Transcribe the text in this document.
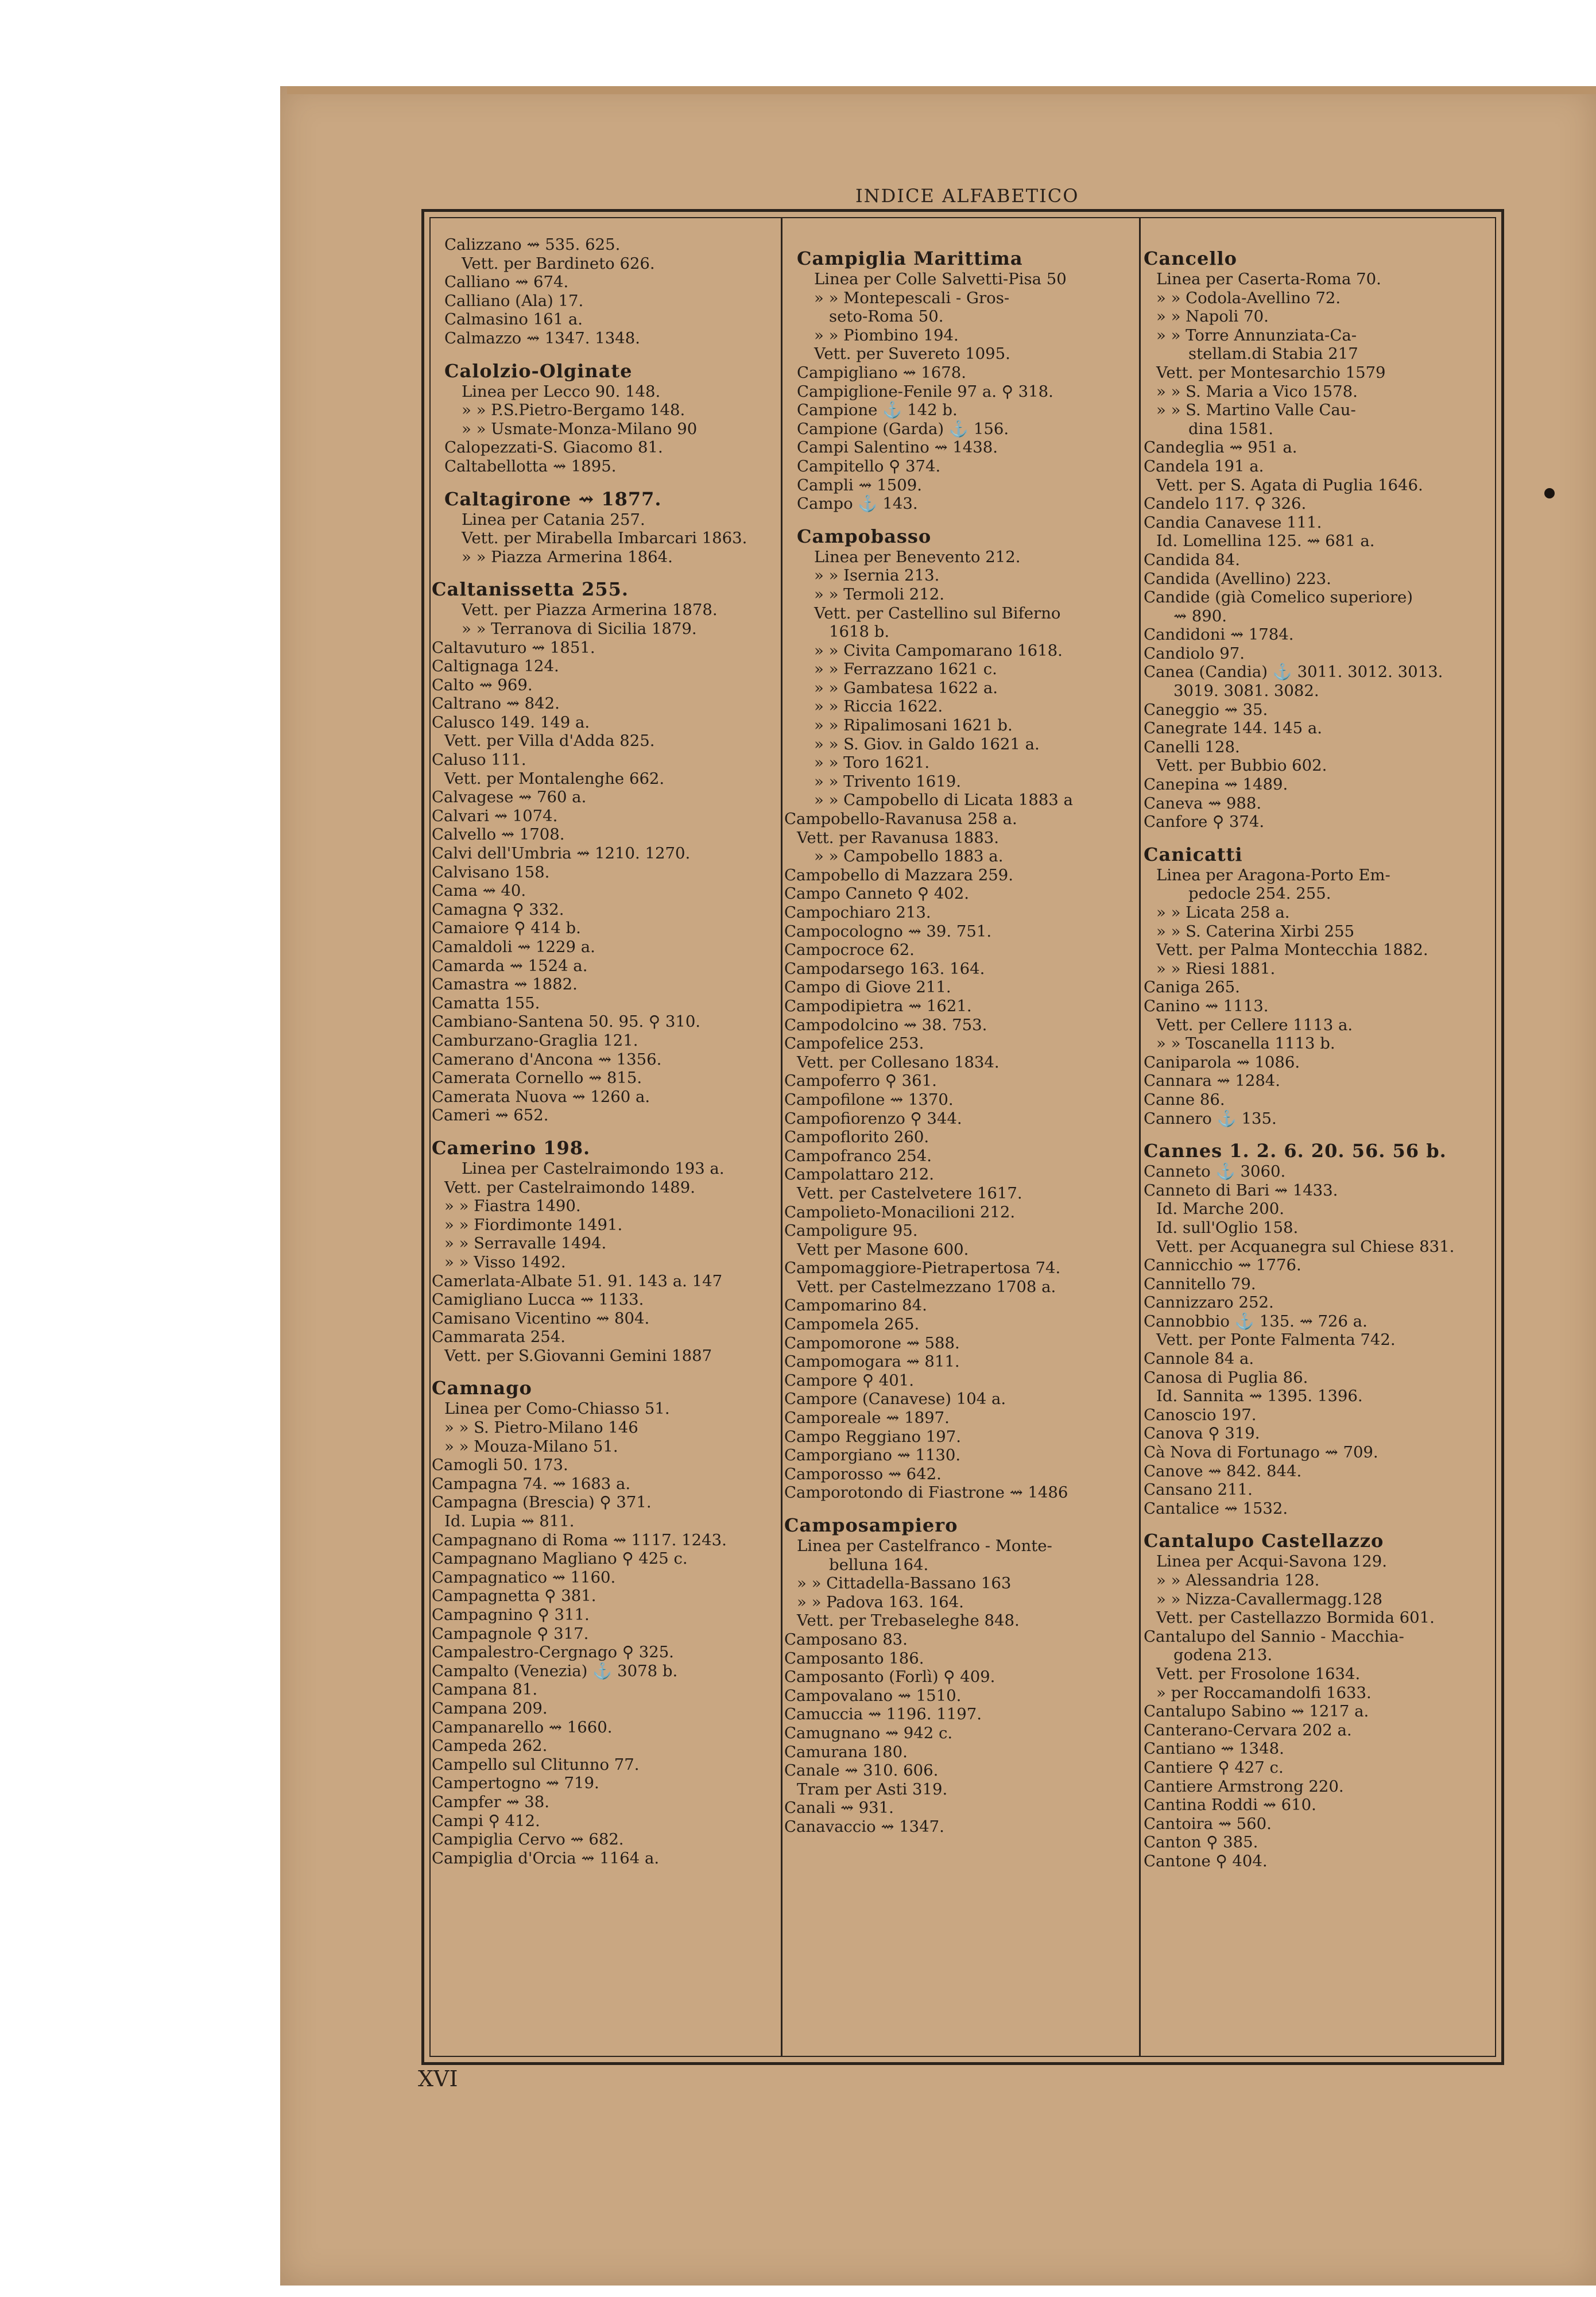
INDICE ALFABETICO
Calizzano ⇝ 535. 625.
Vett. per Bardineto 626.
Calliano ⇝ 674.
Calliano (Ala) 17.
Calmasino 161 a.
Calmazzo ⇝ 1347. 1348.
Calolzio-Olginate
Linea per Lecco 90. 148.
» » P.S.Pietro-Bergamo 148.
» » Usmate-Monza-Milano 90
Calopezzati-S. Giacomo 81.
Caltabellotta ⇝ 1895.
Caltagirone ⇝ 1877.
Linea per Catania 257.
Vett. per Mirabella Imbarcari 1863.
» » Piazza Armerina 1864.
Caltanissetta 255.
Vett. per Piazza Armerina 1878.
» » Terranova di Sicilia 1879.
Caltavuturo ⇝ 1851.
Caltignaga 124.
Calto ⇝ 969.
Caltrano ⇝ 842.
Calusco 149. 149 a.
Vett. per Villa d'Adda 825.
Caluso 111.
Vett. per Montalenghe 662.
Calvagese ⇝ 760 a.
Calvari ⇝ 1074.
Calvello ⇝ 1708.
Calvi dell'Umbria ⇝ 1210. 1270.
Calvisano 158.
Cama ⇝ 40.
Camagna ⚲ 332.
Camaiore ⚲ 414 b.
Camaldoli ⇝ 1229 a.
Camarda ⇝ 1524 a.
Camastra ⇝ 1882.
Camatta 155.
Cambiano-Santena 50. 95. ⚲ 310.
Camburzano-Graglia 121.
Camerano d'Ancona ⇝ 1356.
Camerata Cornello ⇝ 815.
Camerata Nuova ⇝ 1260 a.
Cameri ⇝ 652.
Camerino 198.
Linea per Castelraimondo 193 a.
Vett. per Castelraimondo 1489.
» » Fiastra 1490.
» » Fiordimonte 1491.
» » Serravalle 1494.
» » Visso 1492.
Camerlata-Albate 51. 91. 143 a. 147
Camigliano Lucca ⇝ 1133.
Camisano Vicentino ⇝ 804.
Cammarata 254.
Vett. per S.Giovanni Gemini 1887
Camnago
Linea per Como-Chiasso 51.
» » S. Pietro-Milano 146
» » Mouza-Milano 51.
Camogli 50. 173.
Campagna 74. ⇝ 1683 a.
Campagna (Brescia) ⚲ 371.
Id. Lupia ⇝ 811.
Campagnano di Roma ⇝ 1117. 1243.
Campagnano Magliano ⚲ 425 c.
Campagnatico ⇝ 1160.
Campagnetta ⚲ 381.
Campagnino ⚲ 311.
Campagnole ⚲ 317.
Campalestro-Cergnago ⚲ 325.
Campalto (Venezia) ⚓ 3078 b.
Campana 81.
Campana 209.
Campanarello ⇝ 1660.
Campeda 262.
Campello sul Clitunno 77.
Campertogno ⇝ 719.
Campfer ⇝ 38.
Campi ⚲ 412.
Campiglia Cervo ⇝ 682.
Campiglia d'Orcia ⇝ 1164 a.
Campiglia Marittima
Linea per Colle Salvetti-Pisa 50
» » Montepescali - Gros-
seto-Roma 50.
» » Piombino 194.
Vett. per Suvereto 1095.
Campigliano ⇝ 1678.
Campiglione-Fenile 97 a. ⚲ 318.
Campione ⚓ 142 b.
Campione (Garda) ⚓ 156.
Campi Salentino ⇝ 1438.
Campitello ⚲ 374.
Campli ⇝ 1509.
Campo ⚓ 143.
Campobasso
Linea per Benevento 212.
» » Isernia 213.
» » Termoli 212.
Vett. per Castellino sul Biferno
1618 b.
» » Civita Campomarano 1618.
» » Ferrazzano 1621 c.
» » Gambatesa 1622 a.
» » Riccia 1622.
» » Ripalimosani 1621 b.
» » S. Giov. in Galdo 1621 a.
» » Toro 1621.
» » Trivento 1619.
» » Campobello di Licata 1883 a
Campobello-Ravanusa 258 a.
Vett. per Ravanusa 1883.
» » Campobello 1883 a.
Campobello di Mazzara 259.
Campo Canneto ⚲ 402.
Campochiaro 213.
Campocologno ⇝ 39. 751.
Campocroce 62.
Campodarsego 163. 164.
Campo di Giove 211.
Campodipietra ⇝ 1621.
Campodolcino ⇝ 38. 753.
Campofelice 253.
Vett. per Collesano 1834.
Campoferro ⚲ 361.
Campofilone ⇝ 1370.
Campofiorenzo ⚲ 344.
Campoflorito 260.
Campofranco 254.
Campolattaro 212.
Vett. per Castelvetere 1617.
Campolieto-Monacilioni 212.
Campoligure 95.
Vett per Masone 600.
Campomaggiore-Pietrapertosa 74.
Vett. per Castelmezzano 1708 a.
Campomarino 84.
Campomela 265.
Campomorone ⇝ 588.
Campomogara ⇝ 811.
Campore ⚲ 401.
Campore (Canavese) 104 a.
Camporeale ⇝ 1897.
Campo Reggiano 197.
Camporgiano ⇝ 1130.
Camporosso ⇝ 642.
Camporotondo di Fiastrone ⇝ 1486
Camposampiero
Linea per Castelfranco - Monte-
belluna 164.
» » Cittadella-Bassano 163
» » Padova 163. 164.
Vett. per Trebaseleghe 848.
Camposano 83.
Camposanto 186.
Camposanto (Forlì) ⚲ 409.
Campovalano ⇝ 1510.
Camuccia ⇝ 1196. 1197.
Camugnano ⇝ 942 c.
Camurana 180.
Canale ⇝ 310. 606.
Tram per Asti 319.
Canali ⇝ 931.
Canavaccio ⇝ 1347.
Cancello
Linea per Caserta-Roma 70.
» » Codola-Avellino 72.
» » Napoli 70.
» » Torre Annunziata-Ca-
stellam.di Stabia 217
Vett. per Montesarchio 1579
» » S. Maria a Vico 1578.
» » S. Martino Valle Cau-
dina 1581.
Candeglia ⇝ 951 a.
Candela 191 a.
Vett. per S. Agata di Puglia 1646.
Candelo 117. ⚲ 326.
Candia Canavese 111.
Id. Lomellina 125. ⇝ 681 a.
Candida 84.
Candida (Avellino) 223.
Candide (già Comelico superiore)
⇝ 890.
Candidoni ⇝ 1784.
Candiolo 97.
Canea (Candia) ⚓ 3011. 3012. 3013.
3019. 3081. 3082.
Caneggio ⇝ 35.
Canegrate 144. 145 a.
Canelli 128.
Vett. per Bubbio 602.
Canepina ⇝ 1489.
Caneva ⇝ 988.
Canfore ⚲ 374.
Canicatti
Linea per Aragona-Porto Em-
pedocle 254. 255.
» » Licata 258 a.
» » S. Caterina Xirbi 255
Vett. per Palma Montecchia 1882.
» » Riesi 1881.
Caniga 265.
Canino ⇝ 1113.
Vett. per Cellere 1113 a.
» » Toscanella 1113 b.
Caniparola ⇝ 1086.
Cannara ⇝ 1284.
Canne 86.
Cannero ⚓ 135.
Cannes 1. 2. 6. 20. 56. 56 b.
Canneto ⚓ 3060.
Canneto di Bari ⇝ 1433.
Id. Marche 200.
Id. sull'Oglio 158.
Vett. per Acquanegra sul Chiese 831.
Cannicchio ⇝ 1776.
Cannitello 79.
Cannizzaro 252.
Cannobbio ⚓ 135. ⇝ 726 a.
Vett. per Ponte Falmenta 742.
Cannole 84 a.
Canosa di Puglia 86.
Id. Sannita ⇝ 1395. 1396.
Canoscio 197.
Canova ⚲ 319.
Cà Nova di Fortunago ⇝ 709.
Canove ⇝ 842. 844.
Cansano 211.
Cantalice ⇝ 1532.
Cantalupo Castellazzo
Linea per Acqui-Savona 129.
» » Alessandria 128.
» » Nizza-Cavallermagg.128
Vett. per Castellazzo Bormida 601.
Cantalupo del Sannio - Macchia-
godena 213.
Vett. per Frosolone 1634.
» per Roccamandolfi 1633.
Cantalupo Sabino ⇝ 1217 a.
Canterano-Cervara 202 a.
Cantiano ⇝ 1348.
Cantiere ⚲ 427 c.
Cantiere Armstrong 220.
Cantina Roddi ⇝ 610.
Cantoira ⇝ 560.
Canton ⚲ 385.
Cantone ⚲ 404.
XVI
